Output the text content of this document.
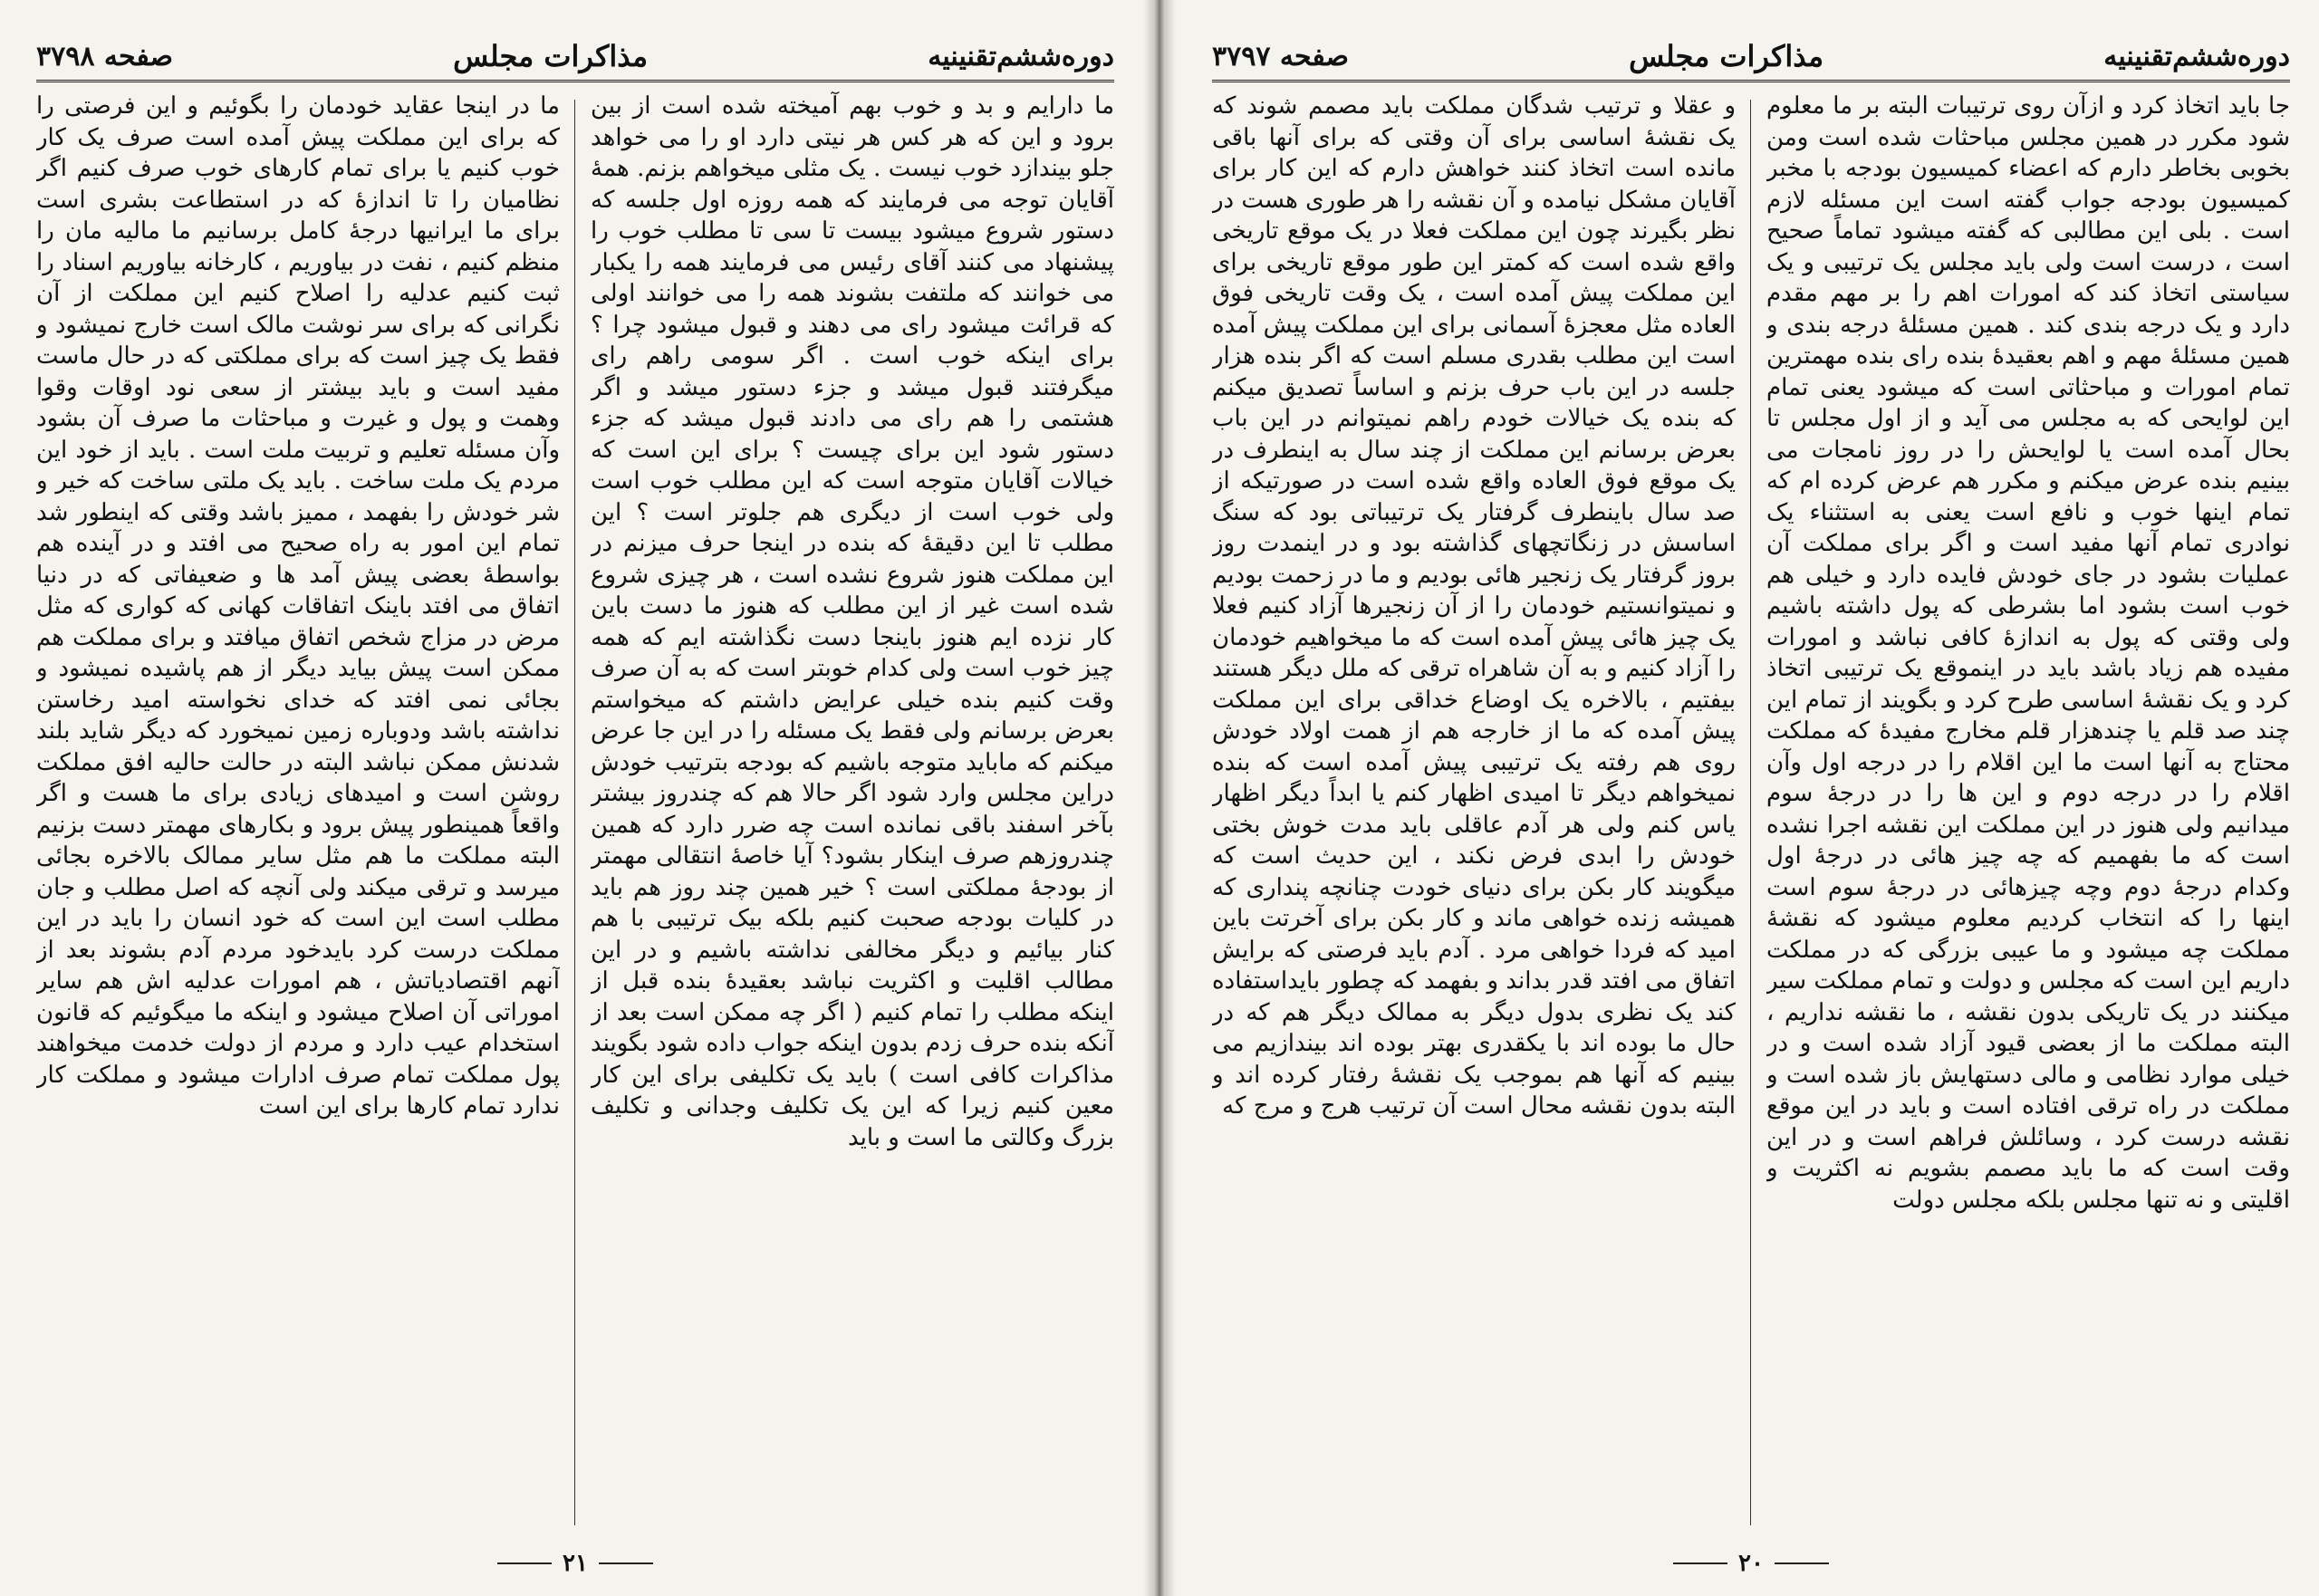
دوره‌ششم‌تقنینیه
مذاکرات مجلس
صفحه ۳۷۹۸

ما دارایم و بد و خوب بهم آمیخته شده است از بین برود و این که هر کس هر نیتی دارد او را می خواهد جلو بیندازد خوب نیست . یک مثلی میخواهم بزنم. همهٔ آقایان توجه می فرمایند که همه روزه اول جلسه که دستور شروع میشود بیست تا سی تا مطلب خوب را پیشنهاد می کنند آقای رئیس می فرمایند همه را یکبار می خوانند که ملتفت بشوند همه را می خوانند اولی که قرائت میشود رای می دهند و قبول میشود چرا ؟ برای اینکه خوب است . اگر سومی راهم رای میگرفتند قبول میشد و جزء دستور میشد و اگر هشتمی را هم رای می دادند قبول میشد که جزء دستور شود این برای چیست ؟ برای این است که خیالات آقایان متوجه است که این مطلب خوب است ولی خوب است از دیگری هم جلوتر است ؟ این مطلب تا این دقیقهٔ که بنده در اینجا حرف میزنم در این مملکت هنوز شروع نشده است ، هر چیزی شروع شده است غیر از این مطلب که هنوز ما دست باین کار نزده ایم هنوز باینجا دست نگذاشته ایم که همه چیز خوب است ولی کدام خوبتر است که به آن صرف وقت کنیم بنده خیلی عرایض داشتم که میخواستم بعرض برسانم ولی فقط یک مسئله را در این جا عرض میکنم که ماباید متوجه باشیم که بودجه بترتیب خودش دراین مجلس وارد شود اگر حالا هم که چندروز بیشتر بآخر اسفند باقی نمانده است چه ضرر دارد که همین چندروزهم صرف اینکار بشود؟ آیا خاصهٔ انتقالی مهمتر از بودجهٔ مملکتی است ؟ خیر همین چند روز هم باید در کلیات بودجه صحبت کنیم بلکه بیک ترتیبی با هم کنار بیائیم و دیگر مخالفی نداشته باشیم و در این مطالب اقلیت و اکثریت نباشد بعقیدهٔ بنده قبل از اینکه مطلب را تمام کنیم ( اگر چه ممکن است بعد از آنکه بنده حرف زدم بدون اینکه جواب داده شود بگویند مذاکرات کافی است ) باید یک تکلیفی برای این کار معین کنیم زیرا که این یک تکلیف وجدانی و تکلیف بزرگ وکالتی ما است و باید

ما در اینجا عقاید خودمان را بگوئیم و این فرصتی را که برای این مملکت پیش آمده است صرف یک کار خوب کنیم یا برای تمام کارهای خوب صرف کنیم اگر نظامیان را تا اندازهٔ که در استطاعت بشری است برای ما ایرانیها درجهٔ کامل برسانیم ما مالیه مان را منظم کنیم ، نفت در بیاوریم ، کارخانه بیاوریم اسناد را ثبت کنیم عدلیه را اصلاح کنیم این مملکت از آن نگرانی که برای سر نوشت مالک است خارج نمیشود و فقط یک چیز است که برای مملکتی که در حال ماست مفید است و باید بیشتر از سعی نود اوقات وقوا وهمت و پول و غیرت و مباحثات ما صرف آن بشود وآن مسئله تعلیم و تربیت ملت است . باید از خود این مردم یک ملت ساخت . باید یک ملتی ساخت که خیر و شر خودش را بفهمد ، ممیز باشد وقتی که اینطور شد تمام این امور به راه صحیح می افتد و در آینده هم بواسطهٔ بعضی پیش آمد ها و ضعیفاتی که در دنیا اتفاق می افتد باینک اتفاقات کهانی که کواری که مثل مرض در مزاج شخص اتفاق میافتد و برای مملکت هم ممکن است پیش بیاید دیگر از هم پاشیده نمیشود و بجائی نمی افتد که خدای نخواسته امید رخاستن نداشته باشد ودوباره زمین نمیخورد که دیگر شاید بلند شدنش ممکن نباشد البته در حالت حالیه افق مملکت روشن است و امیدهای زیادی برای ما هست و اگر واقعاً همینطور پیش برود و بکارهای مهمتر دست بزنیم البته مملکت ما هم مثل سایر ممالک بالاخره بجائی میرسد و ترقی میکند ولی آنچه که اصل مطلب و جان مطلب است این است که خود انسان را باید در این مملکت درست کرد بایدخود مردم آدم بشوند بعد از آنهم اقتصادیاتش ، هم امورات عدلیه اش هم سایر اموراتی آن اصلاح میشود و اینکه ما میگوئیم که قانون استخدام عیب دارد و مردم از دولت خدمت میخواهند پول مملکت تمام صرف ادارات میشود و مملکت کار ندارد تمام کارها برای این است

۲۱
دوره‌ششم‌تقنینیه
مذاکرات مجلس
صفحه ۳۷۹۷

جا باید اتخاذ کرد و ازآن روی ترتیبات البته بر ما معلوم شود مکرر در همین مجلس مباحثات شده است ومن بخوبی بخاطر دارم که اعضاء کمیسیون بودجه با مخبر کمیسیون بودجه جواب گفته است این مسئله لازم است . بلی این مطالبی که گفته میشود تماماً صحیح است ، درست است ولی باید مجلس یک ترتیبی و یک سیاستی اتخاذ کند که امورات اهم را بر مهم مقدم دارد و یک درجه بندی کند . همین مسئلهٔ درجه بندی و همین مسئلهٔ مهم و اهم بعقیدهٔ بنده رای بنده مهمترین تمام امورات و مباحثاتی است که میشود یعنی تمام این لوایحی که به مجلس می آید و از اول مجلس تا بحال آمده است یا لوایحش را در روز نامجات می بینیم بنده عرض میکنم و مکرر هم عرض کرده ام که تمام اینها خوب و نافع است یعنی به استثناء یک نوادری تمام آنها مفید است و اگر برای مملکت آن عملیات بشود در جای خودش فایده دارد و خیلی هم خوب است بشود اما بشرطی که پول داشته باشیم ولی وقتی که پول به اندازهٔ کافی نباشد و امورات مفیده هم زیاد باشد باید در اینموقع یک ترتیبی اتخاذ کرد و یک نقشهٔ اساسی طرح کرد و بگویند از تمام این چند صد قلم یا چندهزار قلم مخارج مفیدهٔ که مملکت محتاج به آنها است ما این اقلام را در درجه اول وآن اقلام را در درجه دوم و این ها را در درجهٔ سوم میدانیم ولی هنوز در این مملکت این نقشه اجرا نشده است که ما بفهمیم که چه چیز هائی در درجهٔ اول وکدام درجهٔ دوم وچه چیزهائی در درجهٔ سوم است اینها را که انتخاب کردیم معلوم میشود که نقشهٔ مملکت چه میشود و ما عیبی بزرگی که در مملکت داریم این است که مجلس و دولت و تمام مملکت سیر میکنند در یک تاریکی بدون نقشه ، ما نقشه نداریم ، البته مملکت ما از بعضی قیود آزاد شده است و در خیلی موارد نظامی و مالی دستهایش باز شده است و مملکت در راه ترقی افتاده است و باید در این موقع نقشه درست کرد ، وسائلش فراهم است و در این وقت است که ما باید مصمم بشویم نه اکثریت و اقلیتی و نه تنها مجلس بلکه مجلس دولت

و عقلا و ترتیب شدگان مملکت باید مصمم شوند که یک نقشهٔ اساسی برای آن وقتی که برای آنها باقی مانده است اتخاذ کنند خواهش دارم که این کار برای آقایان مشکل نیامده و آن نقشه را هر طوری هست در نظر بگیرند چون این مملکت فعلا در یک موقع تاریخی واقع شده است که کمتر این طور موقع تاریخی برای این مملکت پیش آمده است ، یک وقت تاریخی فوق العاده مثل معجزهٔ آسمانی برای این مملکت پیش آمده است این مطلب بقدری مسلم است که اگر بنده هزار جلسه در این باب حرف بزنم و اساساً تصدیق میکنم که بنده یک خیالات خودم راهم نمیتوانم در این باب بعرض برسانم این مملکت از چند سال به اینطرف در یک موقع فوق العاده واقع شده است در صورتیکه از صد سال باینطرف گرفتار یک ترتیباتی بود که سنگ اساسش در زنگاتچهای گذاشته بود و در اینمدت روز بروز گرفتار یک زنجیر هائی بودیم و ما در زحمت بودیم و نمیتوانستیم خودمان را از آن زنجیرها آزاد کنیم فعلا یک چیز هائی پیش آمده است که ما میخواهیم خودمان را آزاد کنیم و به آن شاهراه ترقی که ملل دیگر هستند بیفتیم ، بالاخره یک اوضاع خداقی برای این مملکت پیش آمده که ما از خارجه هم از همت اولاد خودش روی هم رفته یک ترتیبی پیش آمده است که بنده نمیخواهم دیگر تا امیدی اظهار کنم یا ابداً دیگر اظهار یاس کنم ولی هر آدم عاقلی باید مدت خوش بختی خودش را ابدی فرض نکند ، این حدیث است که میگویند کار بکن برای دنیای خودت چنانچه پنداری که همیشه زنده خواهی ماند و کار بکن برای آخرتت باین امید که فردا خواهی مرد . آدم باید فرصتی که برایش اتفاق می افتد قدر بداند و بفهمد که چطور بایداستفاده کند یک نظری بدول دیگر به ممالک دیگر هم که در حال ما بوده اند با یکقدری بهتر بوده اند بیندازیم می بینیم که آنها هم بموجب یک نقشهٔ رفتار کرده اند و البته بدون نقشه محال است آن ترتیب هرج و مرج که

۲۰
